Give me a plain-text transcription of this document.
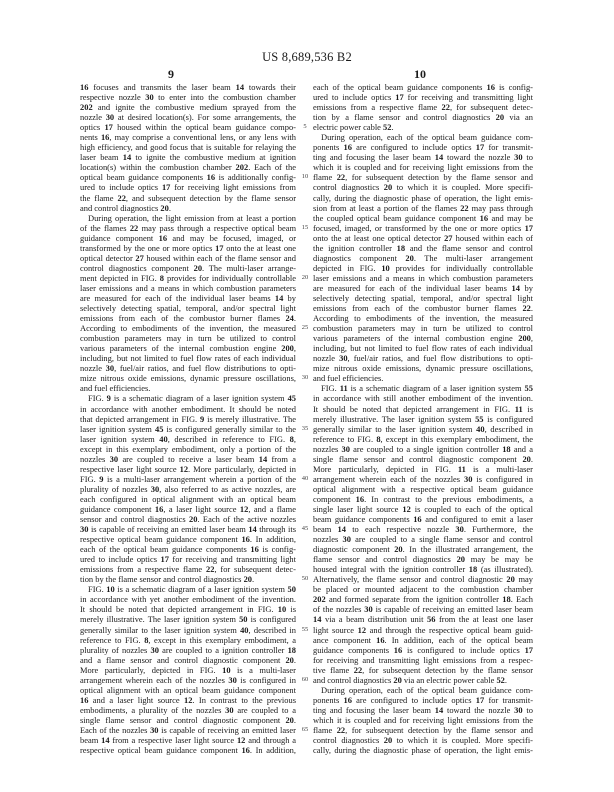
US 8,689,536 B2
9	10
16 focuses and transmits the laser beam 14 towards their
respective nozzle 30 to enter into the combustion chamber
202 and ignite the combustive medium sprayed from the
nozzle 30 at desired location(s). For some arrangements, the
optics 17 housed within the optical beam guidance compo-
nents 16, may comprise a conventional lens, or any lens with
high efficiency, and good focus that is suitable for relaying the
laser beam 14 to ignite the combustive medium at ignition
location(s) within the combustion chamber 202. Each of the
optical beam guidance components 16 is additionally config-
ured to include optics 17 for receiving light emissions from
the flame 22, and subsequent detection by the flame sensor
and control diagnostics 20.
During operation, the light emission from at least a portion
of the flames 22 may pass through a respective optical beam
guidance component 16 and may be focused, imaged, or
transformed by the one or more optics 17 onto the at least one
optical detector 27 housed within each of the flame sensor and
control diagnostics component 20. The multi-laser arrange-
ment depicted in FIG. 8 provides for individually controllable
laser emissions and a means in which combustion parameters
are measured for each of the individual laser beams 14 by
selectively detecting spatial, temporal, and/or spectral light
emissions from each of the combustor burner flames 24.
According to embodiments of the invention, the measured
combustion parameters may in turn be utilized to control
various parameters of the internal combustion engine 200,
including, but not limited to fuel flow rates of each individual
nozzle 30, fuel/air ratios, and fuel flow distributions to opti-
mize nitrous oxide emissions, dynamic pressure oscillations,
and fuel efficiencies.
FIG. 9 is a schematic diagram of a laser ignition system 45
in accordance with another embodiment. It should be noted
that depicted arrangement in FIG. 9 is merely illustrative. The
laser ignition system 45 is configured generally similar to the
laser ignition system 40, described in reference to FIG. 8,
except in this exemplary embodiment, only a portion of the
nozzles 30 are coupled to receive a laser beam 14 from a
respective laser light source 12. More particularly, depicted in
FIG. 9 is a multi-laser arrangement wherein a portion of the
plurality of nozzles 30, also referred to as active nozzles, are
each configured in optical alignment with an optical beam
guidance component 16, a laser light source 12, and a flame
sensor and control diagnostics 20. Each of the active nozzles
30 is capable of receiving an emitted laser beam 14 through its
respective optical beam guidance component 16. In addition,
each of the optical beam guidance components 16 is config-
ured to include optics 17 for receiving and transmitting light
emissions from a respective flame 22, for subsequent detec-
tion by the flame sensor and control diagnostics 20.
FIG. 10 is a schematic diagram of a laser ignition system 50
in accordance with yet another embodiment of the invention.
It should be noted that depicted arrangement in FIG. 10 is
merely illustrative. The laser ignition system 50 is configured
generally similar to the laser ignition system 40, described in
reference to FIG. 8, except in this exemplary embodiment, a
plurality of nozzles 30 are coupled to a ignition controller 18
and a flame sensor and control diagnostic component 20.
More particularly, depicted in FIG. 10 is a multi-laser
arrangement wherein each of the nozzles 30 is configured in
optical alignment with an optical beam guidance component
16 and a laser light source 12. In contrast to the previous
embodiments, a plurality of the nozzles 30 are coupled to a
single flame sensor and control diagnostic component 20.
Each of the nozzles 30 is capable of receiving an emitted laser
beam 14 from a respective laser light source 12 and through a
respective optical beam guidance component 16. In addition,
5
10
15
20
25
30
35
40
45
50
55
60
65
each of the optical beam guidance components 16 is config-
ured to include optics 17 for receiving and transmitting light
emissions from a respective flame 22, for subsequent detec-
tion by a flame sensor and control diagnostics 20 via an
electric power cable 52.
During operation, each of the optical beam guidance com-
ponents 16 are configured to include optics 17 for transmit-
ting and focusing the laser beam 14 toward the nozzle 30 to
which it is coupled and for receiving light emissions from the
flame 22, for subsequent detection by the flame sensor and
control diagnostics 20 to which it is coupled. More specifi-
cally, during the diagnostic phase of operation, the light emis-
sion from at least a portion of the flames 22 may pass through
the coupled optical beam guidance component 16 and may be
focused, imaged, or transformed by the one or more optics 17
onto the at least one optical detector 27 housed within each of
the ignition controller 18 and the flame sensor and control
diagnostics component 20. The multi-laser arrangement
depicted in FIG. 10 provides for individually controllable
laser emissions and a means in which combustion parameters
are measured for each of the individual laser beams 14 by
selectively detecting spatial, temporal, and/or spectral light
emissions from each of the combustor burner flames 22.
According to embodiments of the invention, the measured
combustion parameters may in turn be utilized to control
various parameters of the internal combustion engine 200,
including, but not limited to fuel flow rates of each individual
nozzle 30, fuel/air ratios, and fuel flow distributions to opti-
mize nitrous oxide emissions, dynamic pressure oscillations,
and fuel efficiencies.
FIG. 11 is a schematic diagram of a laser ignition system 55
in accordance with still another embodiment of the invention.
It should be noted that depicted arrangement in FIG. 11 is
merely illustrative. The laser ignition system 55 is configured
generally similar to the laser ignition system 40, described in
reference to FIG. 8, except in this exemplary embodiment, the
nozzles 30 are coupled to a single ignition controller 18 and a
single flame sensor and control diagnostic component 20.
More particularly, depicted in FIG. 11 is a multi-laser
arrangement wherein each of the nozzles 30 is configured in
optical alignment with a respective optical beam guidance
component 16. In contrast to the previous embodiments, a
single laser light source 12 is coupled to each of the optical
beam guidance components 16 and configured to emit a laser
beam 14 to each respective nozzle 30. Furthermore, the
nozzles 30 are coupled to a single flame sensor and control
diagnostic component 20. In the illustrated arrangement, the
flame sensor and control diagnostics 20 may be may be
housed integral with the ignition controller 18 (as illustrated).
Alternatively, the flame sensor and control diagnostic 20 may
be placed or mounted adjacent to the combustion chamber
202 and formed separate from the ignition controller 18. Each
of the nozzles 30 is capable of receiving an emitted laser beam
14 via a beam distribution unit 56 from the at least one laser
light source 12 and through the respective optical beam guid-
ance component 16. In addition, each of the optical beam
guidance components 16 is configured to include optics 17
for receiving and transmitting light emissions from a respec-
tive flame 22, for subsequent detection by the flame sensor
and control diagnostics 20 via an electric power cable 52.
During operation, each of the optical beam guidance com-
ponents 16 are configured to include optics 17 for transmit-
ting and focusing the laser beam 14 toward the nozzle 30 to
which it is coupled and for receiving light emissions from the
flame 22, for subsequent detection by the flame sensor and
control diagnostics 20 to which it is coupled. More specifi-
cally, during the diagnostic phase of operation, the light emis-
